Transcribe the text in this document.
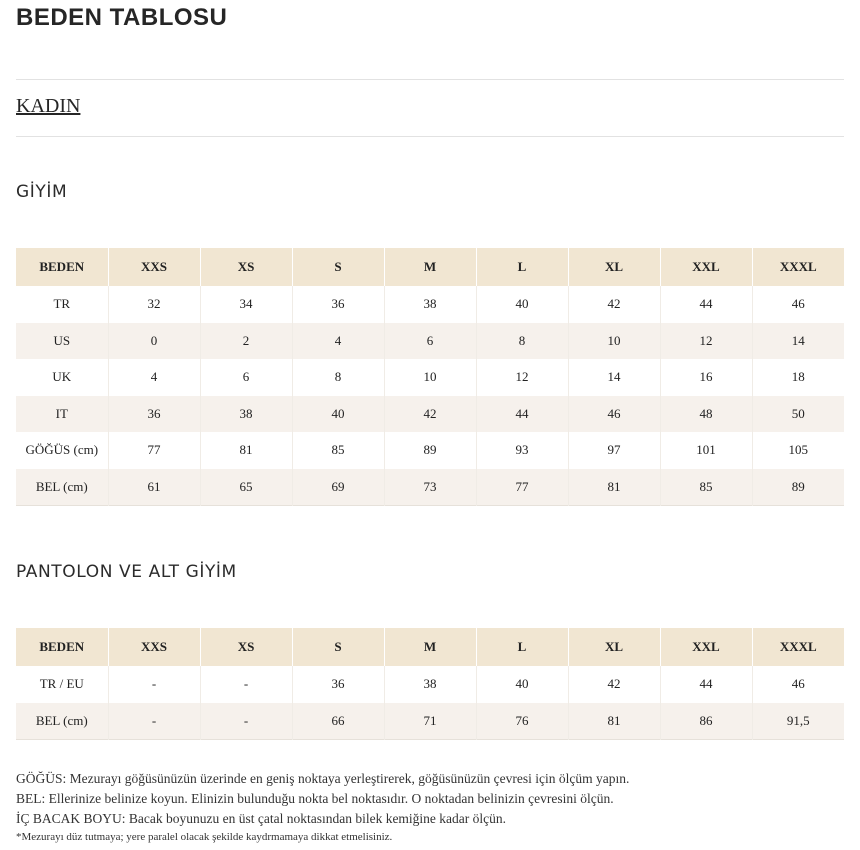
BEDEN TABLOSU
KADIN
GİYİM
BEDEN	XXS	XS	S	M	L	XL	XXL	XXXL
TR	32	34	36	38	40	42	44	46
US	0	2	4	6	8	10	12	14
UK	4	6	8	10	12	14	16	18
IT	36	38	40	42	44	46	48	50
GÖĞÜS (cm)	77	81	85	89	93	97	101	105
BEL (cm)	61	65	69	73	77	81	85	89
PANTOLON VE ALT GİYİM
BEDEN	XXS	XS	S	M	L	XL	XXL	XXXL
TR / EU	-	-	36	38	40	42	44	46
BEL (cm)	-	-	66	71	76	81	86	91,5
GÖĞÜS: Mezurayı göğüsünüzün üzerinde en geniş noktaya yerleştirerek, göğüsünüzün çevresi için ölçüm yapın.
BEL: Ellerinize belinize koyun. Elinizin bulunduğu nokta bel noktasıdır. O noktadan belinizin çevresini ölçün.
İÇ BACAK BOYU: Bacak boyunuzu en üst çatal noktasından bilek kemiğine kadar ölçün.
*Mezurayı düz tutmaya; yere paralel olacak şekilde kaydrmamaya dikkat etmelisiniz.
